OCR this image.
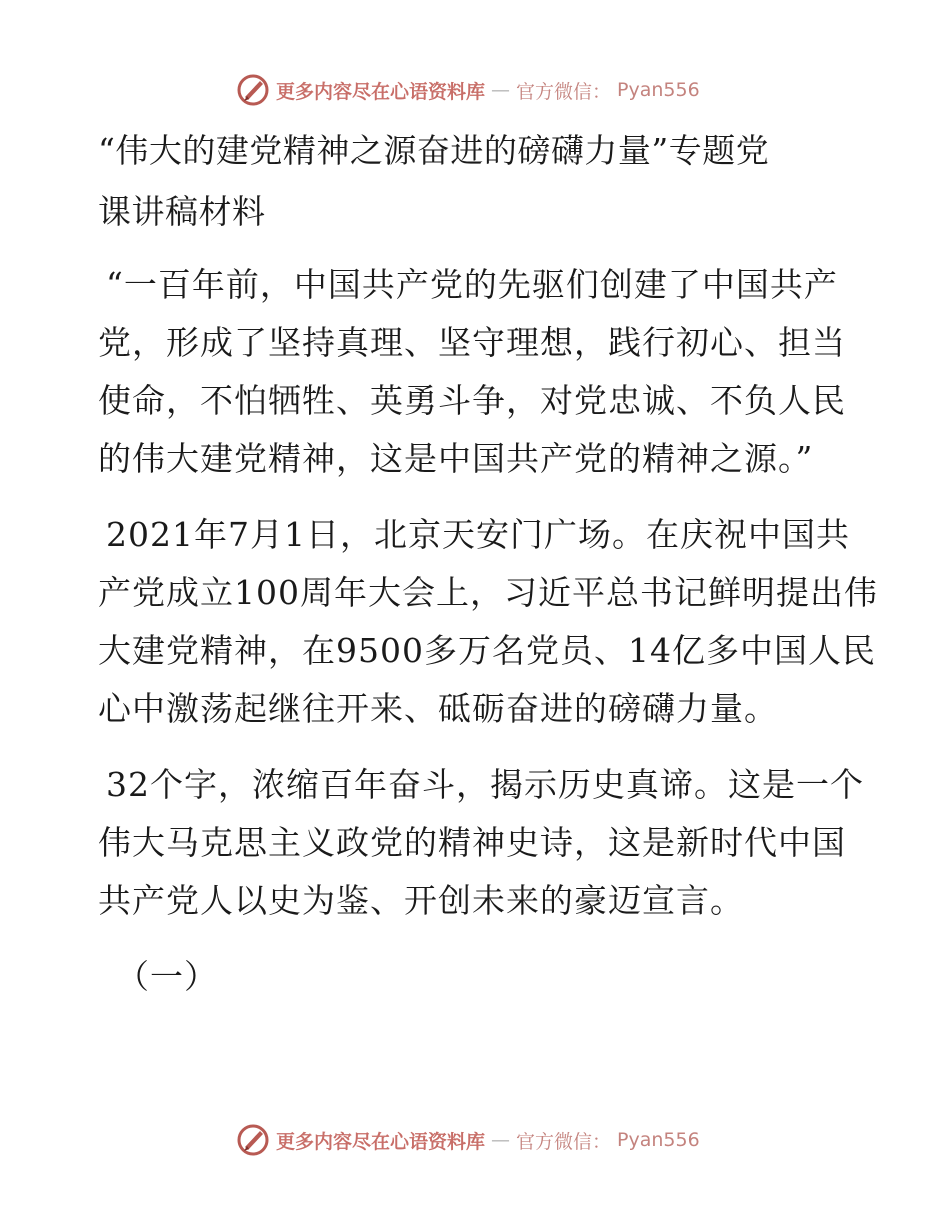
更多内容尽在心语资料库 — 官方微信： Pyan556
“伟大的建党精神之源奋进的磅礴力量”专题党
课讲稿材料

“一百年前，中国共产党的先驱们创建了中国共产党，形成了坚持真理、坚守理想，践行初心、担当使命，不怕牺牲、英勇斗争，对党忠诚、不负人民的伟大建党精神，这是中国共产党的精神之源。”

2021年7月1日，北京天安门广场。在庆祝中国共产党成立100周年大会上，习近平总书记鲜明提出伟大建党精神，在9500多万名党员、14亿多中国人民心中激荡起继往开来、砥砺奋进的磅礴力量。

32个字，浓缩百年奋斗，揭示历史真谛。这是一个伟大马克思主义政党的精神史诗，这是新时代中国共产党人以史为鉴、开创未来的豪迈宣言。

（一）

更多内容尽在心语资料库 — 官方微信： Pyan556
